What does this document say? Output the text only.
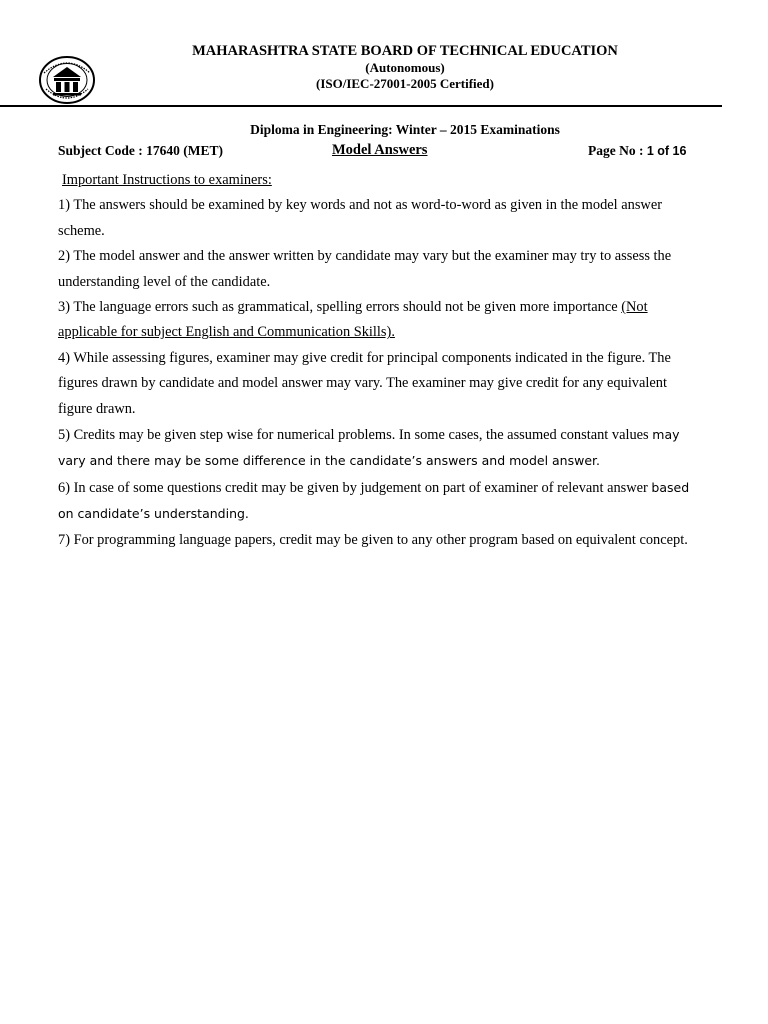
MAHARASHTRA STATE BOARD OF TECHNICAL EDUCATION
(Autonomous)
(ISO/IEC-27001-2005 Certified)
Diploma in Engineering: Winter – 2015 Examinations
Subject Code : 17640 (MET)	Model Answers	Page No : 1 of 16

Important Instructions to examiners:

1) The answers should be examined by key words and not as word-to-word as given in the model answer scheme.

2) The model answer and the answer written by candidate may vary but the examiner may try to assess the understanding level of the candidate.

3) The language errors such as grammatical, spelling errors should not be given more importance (Not applicable for subject English and Communication Skills).

4) While assessing figures, examiner may give credit for principal components indicated in the figure. The figures drawn by candidate and model answer may vary. The examiner may give credit for any equivalent figure drawn.

5) Credits may be given step wise for numerical problems. In some cases, the assumed constant values may vary and there may be some difference in the candidate’s answers and model answer.

6) In case of some questions credit may be given by judgement on part of examiner of relevant answer based on candidate’s understanding.

7) For programming language papers, credit may be given to any other program based on equivalent concept.
